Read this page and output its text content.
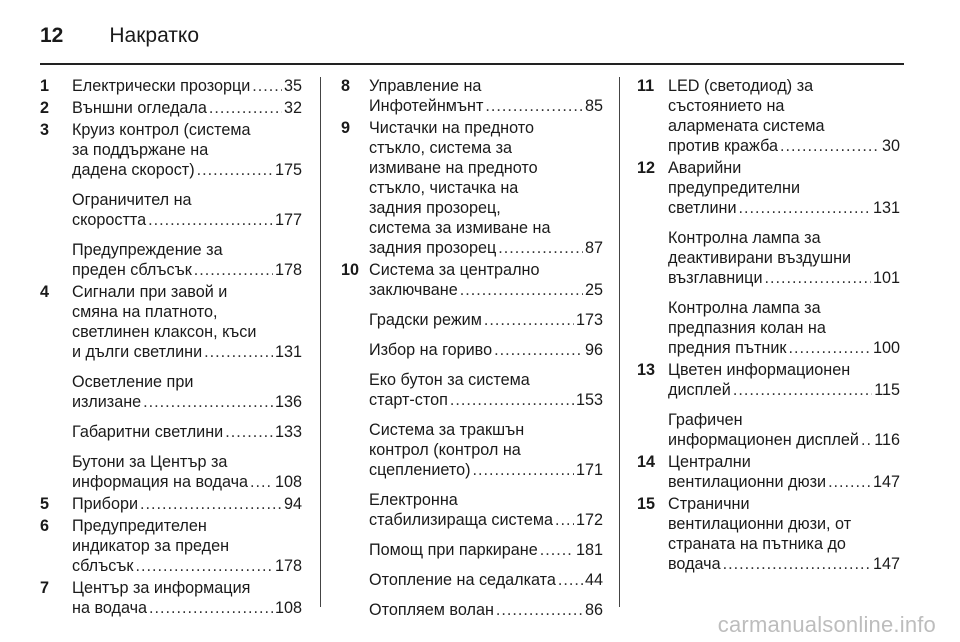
12 Накратко
1 Електрически прозорци ..... 35
2 Външни огледала .....	32
3 Круиз контрол (система
за поддържане на
дадена скорост) .....	175
Ограничител на
скоростта .....	177
Предупреждение за
преден сблъсък .....	178
4 Сигнали при завой и
смяна на платното,
светлинен клаксон, къси
и дълги светлини .....	131
Осветление при
излизане .....	136
Габаритни светлини .....	133
Бутони за Център за
информация на водача ..... 108
5 Прибори .....	94
6 Предупредителен
индикатор за преден
сблъсък .....	178
7 Център за информация
на водача .....	108
8 Управление на
Инфотейнмънт .....	85
9 Чистачки на предното
стъкло, система за
измиване на предното
стъкло, чистачка на
задния прозорец,
система за измиване на
задния прозорец .....	87
10 Система за централно
заключване .....	25
Градски режим .....	173
Избор на гориво .....	96
Еко бутон за система
старт-стоп .....	153
Система за тракшън
контрол (контрол на
сцеплението) .....	171
Електронна
стабилизираща система ..... 172
Помощ при паркиране ..... 181
Отопление на седалката ..... 44
Отопляем волан .....	86
11 LED (светодиод) за
състоянието на
алармената система
против кражба .....	30
12 Аварийни
предупредителни
светлини .....	131
Контролна лампа за
деактивирани въздушни
възглавници .....	101
Контролна лампа за
предпазния колан на
предния пътник .....	100
13 Цветен информационен
дисплей .....	115
Графичен
информационен дисплей ..... 116
14 Централни
вентилационни дюзи .....	147
15 Странични
вентилационни дюзи, от
страната на пътника до
водача .....	147
carmanualsonline.info
